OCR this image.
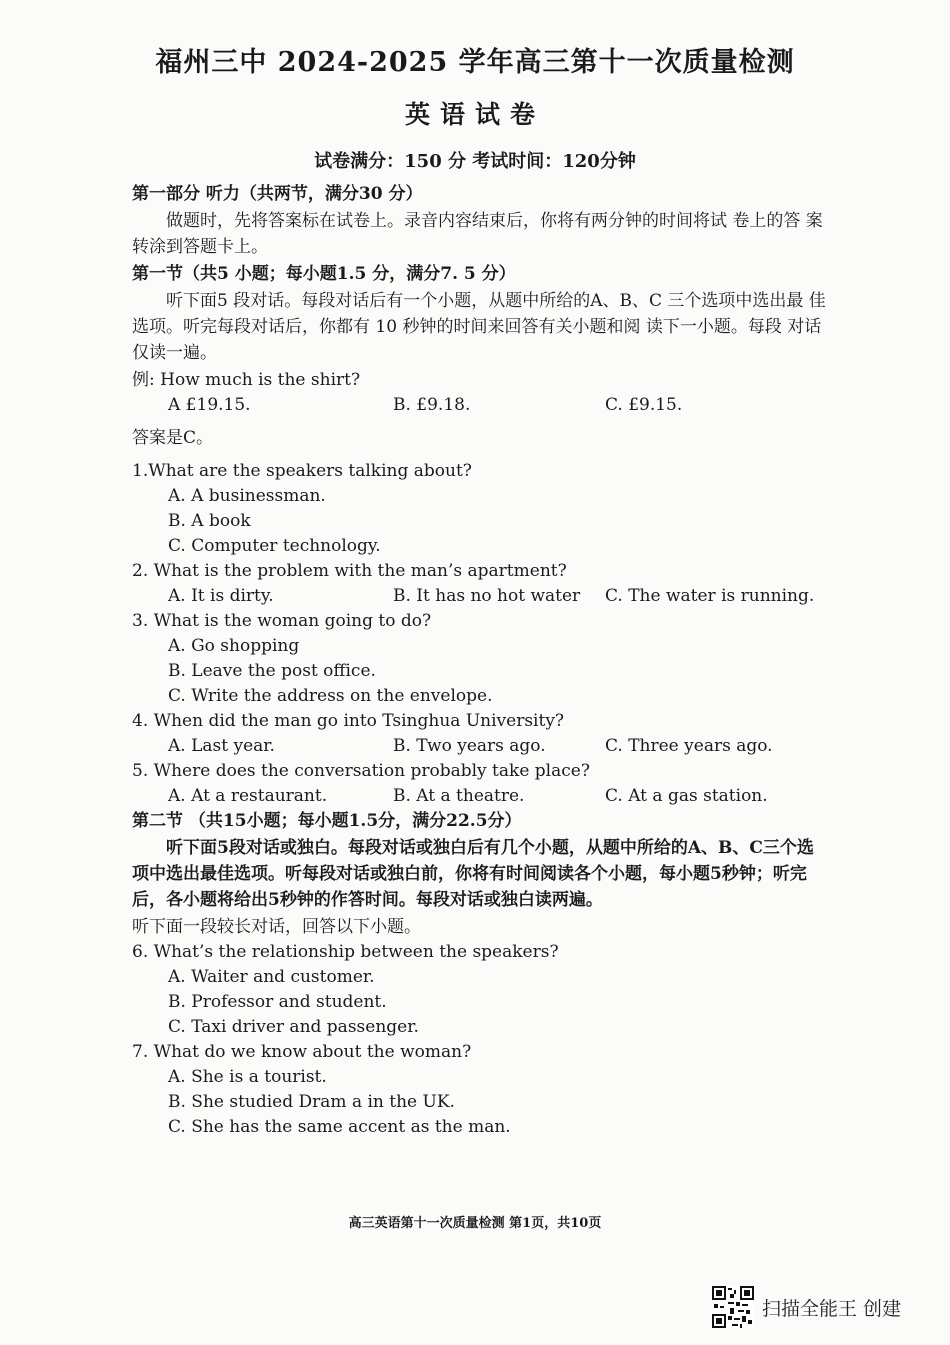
福州三中 2024-2025 学年高三第十一次质量检测
英语试卷
试卷满分：150 分 考试时间：120分钟
第一部分 听力（共两节，满分30 分）
做题时，先将答案标在试卷上。录音内容结束后，你将有两分钟的时间将试 卷上的答 案转涂到答题卡上。
第一节（共5 小题；每小题1.5 分，满分7. 5 分）
听下面5 段对话。每段对话后有一个小题，从题中所给的A、B、C 三个选项中选出最 佳选项。听完每段对话后，你都有 10 秒钟的时间来回答有关小题和阅 读下一小题。每段 对话仅读一遍。
例: How much is the shirt?
A £19.15.	B. £9.18.	C. £9.15.
答案是C。
1.What are the speakers talking about?
A. A businessman.
B. A book
C. Computer technology.
2. What is the problem with the man’s apartment?
A. It is dirty.	B. It has no hot water	C. The water is running.
3. What is the woman going to do?
A. Go shopping
B. Leave the post office.
C. Write the address on the envelope.
4. When did the man go into Tsinghua University?
A. Last year.	B. Two years ago.	C. Three years ago.
5. Where does the conversation probably take place?
A. At a restaurant.	B. At a theatre.	C. At a gas station.
第二节 （共15小题；每小题1.5分，满分22.5分）
听下面5段对话或独白。每段对话或独白后有几个小题，从题中所给的A、B、C三个选项中选出最佳选项。听每段对话或独白前，你将有时间阅读各个小题，每小题5秒钟；听完后，各小题将给出5秒钟的作答时间。每段对话或独白读两遍。
听下面一段较长对话，回答以下小题。
6. What’s the relationship between the speakers?
A. Waiter and customer.
B. Professor and student.
C. Taxi driver and passenger.
7. What do we know about the woman?
A. She is a tourist.
B. She studied Dram a in the UK.
C. She has the same accent as the man.
高三英语第十一次质量检测 第1页，共10页
扫描全能王 创建
